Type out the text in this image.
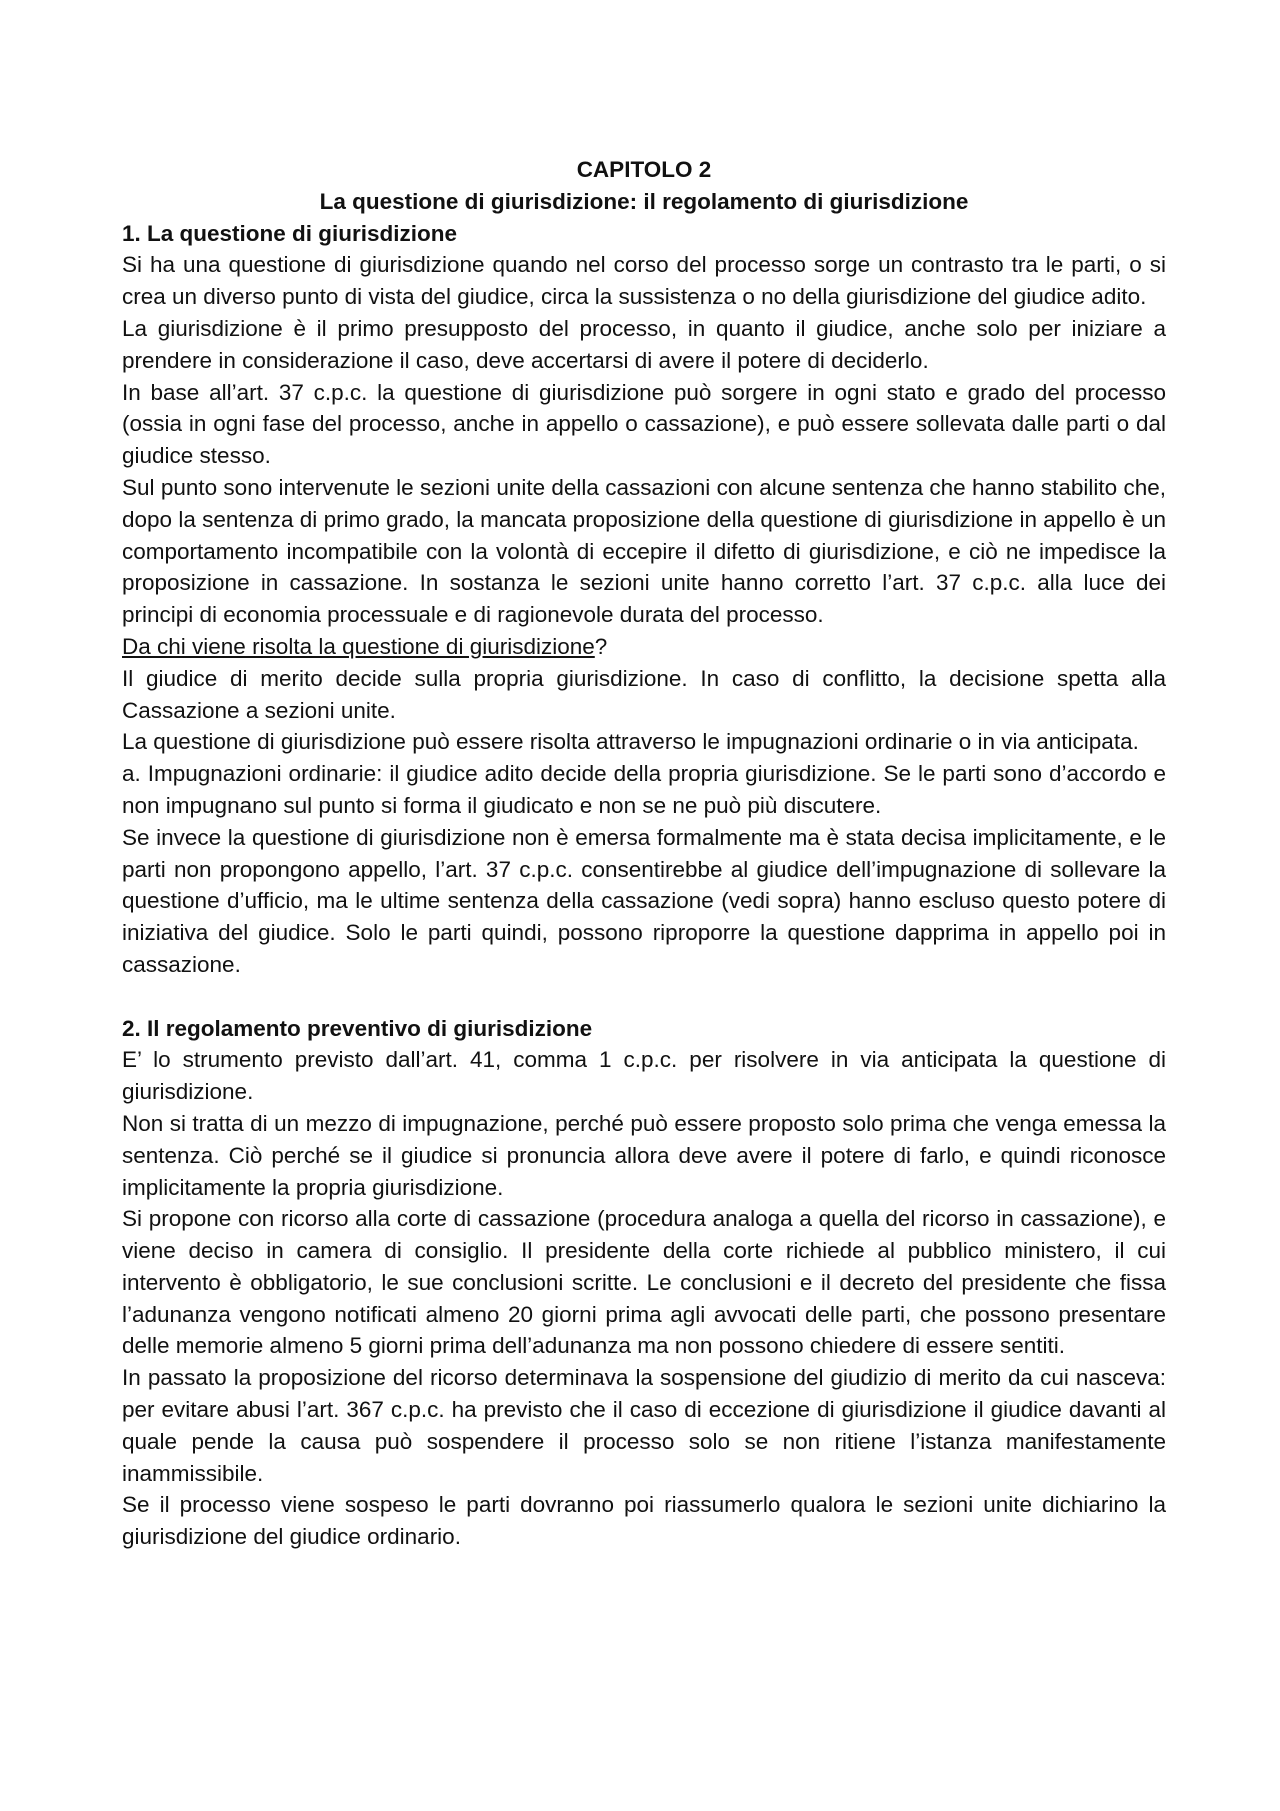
CAPITOLO 2
La questione di giurisdizione: il regolamento di giurisdizione
1. La questione di giurisdizione

Si ha una questione di giurisdizione quando nel corso del processo sorge un contrasto tra le parti, o si crea un diverso punto di vista del giudice, circa la sussistenza o no della giurisdizione del giudice adito.

La giurisdizione è il primo presupposto del processo, in quanto il giudice, anche solo per iniziare a prendere in considerazione il caso, deve accertarsi di avere il potere di deciderlo.

In base all’art. 37 c.p.c. la questione di giurisdizione può sorgere in ogni stato e grado del processo (ossia in ogni fase del processo, anche in appello o cassazione), e può essere sollevata dalle parti o dal giudice stesso.

Sul punto sono intervenute le sezioni unite della cassazioni con alcune sentenza che hanno stabilito che, dopo la sentenza di primo grado, la mancata proposizione della questione di giurisdizione in appello è un comportamento incompatibile con la volontà di eccepire il difetto di giurisdizione, e ciò ne impedisce la proposizione in cassazione. In sostanza le sezioni unite hanno corretto l’art. 37 c.p.c. alla luce dei principi di economia processuale e di ragionevole durata del processo.

Da chi viene risolta la questione di giurisdizione?

Il giudice di merito decide sulla propria giurisdizione. In caso di conflitto, la decisione spetta alla Cassazione a sezioni unite.

La questione di giurisdizione può essere risolta attraverso le impugnazioni ordinarie o in via anticipata.

a. Impugnazioni ordinarie: il giudice adito decide della propria giurisdizione. Se le parti sono d’accordo e non impugnano sul punto si forma il giudicato e non se ne può più discutere.

Se invece la questione di giurisdizione non è emersa formalmente ma è stata decisa implicitamente, e le parti non propongono appello, l’art. 37 c.p.c. consentirebbe al giudice dell’impugnazione di sollevare la questione d’ufficio, ma le ultime sentenza della cassazione (vedi sopra) hanno escluso questo potere di iniziativa del giudice. Solo le parti quindi, possono riproporre la questione dapprima in appello poi in cassazione.

2. Il regolamento preventivo di giurisdizione

E’ lo strumento previsto dall’art. 41, comma 1 c.p.c. per risolvere in via anticipata la questione di giurisdizione.

Non si tratta di un mezzo di impugnazione, perché può essere proposto solo prima che venga emessa la sentenza. Ciò perché se il giudice si pronuncia allora deve avere il potere di farlo, e quindi riconosce implicitamente la propria giurisdizione.

Si propone con ricorso alla corte di cassazione (procedura analoga a quella del ricorso in cassazione), e viene deciso in camera di consiglio. Il presidente della corte richiede al pubblico ministero, il cui intervento è obbligatorio, le sue conclusioni scritte. Le conclusioni e il decreto del presidente che fissa l’adunanza vengono notificati almeno 20 giorni prima agli avvocati delle parti, che possono presentare delle memorie almeno 5 giorni prima dell’adunanza ma non possono chiedere di essere sentiti.

In passato la proposizione del ricorso determinava la sospensione del giudizio di merito da cui nasceva: per evitare abusi l’art. 367 c.p.c. ha previsto che il caso di eccezione di giurisdizione il giudice davanti al quale pende la causa può sospendere il processo solo se non ritiene l’istanza manifestamente inammissibile.

Se il processo viene sospeso le parti dovranno poi riassumerlo qualora le sezioni unite dichiarino la giurisdizione del giudice ordinario.
